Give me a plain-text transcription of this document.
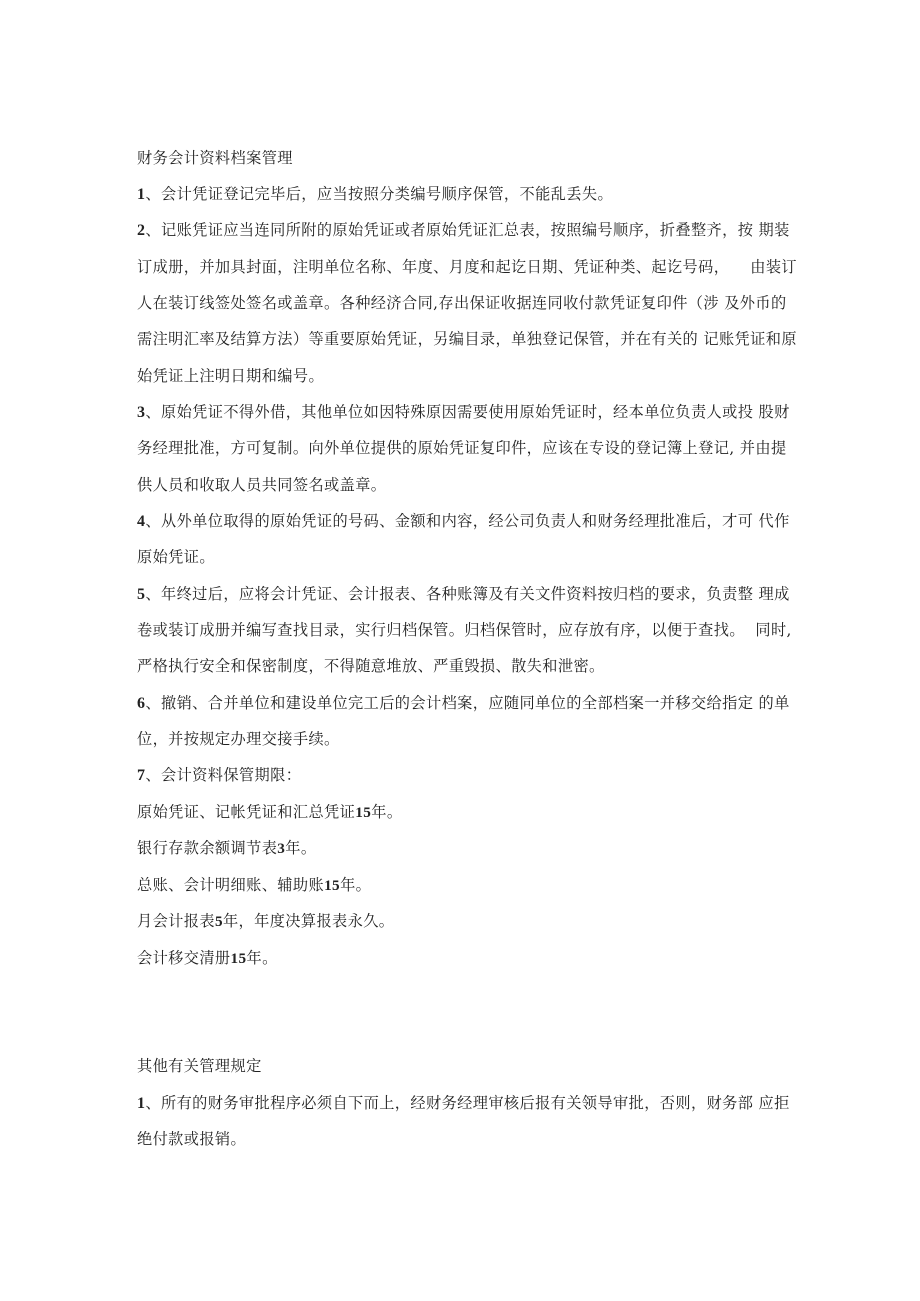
财务会计资料档案管理
1、会计凭证登记完毕后，应当按照分类编号顺序保管，不能乱丢失。
2、记账凭证应当连同所附的原始凭证或者原始凭证汇总表，按照编号顺序，折叠整齐，按 期装
订成册，并加具封面，注明单位名称、年度、月度和起讫日期、凭证种类、起讫号码，    由装订
人在装订线签处签名或盖章。各种经济合同,存出保证收据连同收付款凭证复印件（涉 及外币的
需注明汇率及结算方法）等重要原始凭证，另编目录，单独登记保管，并在有关的 记账凭证和原
始凭证上注明日期和编号。
3、原始凭证不得外借，其他单位如因特殊原因需要使用原始凭证时，经本单位负责人或投 股财
务经理批准，方可复制。向外单位提供的原始凭证复印件，应该在专设的登记簿上登记, 并由提
供人员和收取人员共同签名或盖章。
4、从外单位取得的原始凭证的号码、金额和内容，经公司负责人和财务经理批准后，才可 代作
原始凭证。
5、年终过后，应将会计凭证、会计报表、各种账簿及有关文件资料按归档的要求，负责整 理成
卷或装订成册并编写查找目录，实行归档保管。归档保管时，应存放有序，以便于查找。  同时,
严格执行安全和保密制度，不得随意堆放、严重毁损、散失和泄密。
6、撤销、合并单位和建设单位完工后的会计档案，应随同单位的全部档案一并移交给指定 的单
位，并按规定办理交接手续。
7、会计资料保管期限：
原始凭证、记帐凭证和汇总凭证15年。
银行存款余额调节表3年。
总账、会计明细账、辅助账15年。
月会计报表5年，年度决算报表永久。
会计移交清册15年。
其他有关管理规定
1、所有的财务审批程序必须自下而上，经财务经理审核后报有关领导审批，否则，财务部 应拒
绝付款或报销。
